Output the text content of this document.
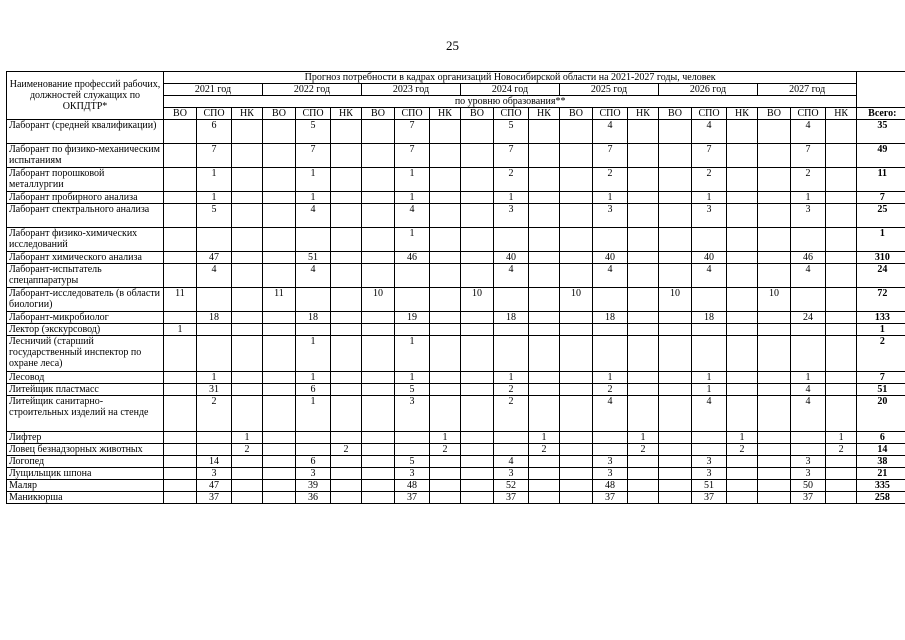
25
Наименование профессий рабочих, должностей служащих по ОКПДТР*	Прогноз потребности в кадрах организаций Новосибирской области на 2021-2027 годы, человек																					
	2021 год			2022 год			2023 год			2024 год			2025 год			2026 год			2027 год			
	по уровню образования**																					
	ВО	СПО	НК	ВО	СПО	НК	ВО	СПО	НК	ВО	СПО	НК	ВО	СПО	НК	ВО	СПО	НК	ВО	СПО	НК	Всего:
Лаборант (средней квалификации)		6			5			7			5			4			4			4		35
Лаборант по физико-механическим испытаниям		7			7			7			7			7			7			7		49
Лаборант порошковой металлургии		1			1			1			2			2			2			2		11
Лаборант пробирного анализа		1			1			1			1			1			1			1		7
Лаборант спектрального анализа		5			4			4			3			3			3			3		25
Лаборант физико-химических исследований								1														1
Лаборант химического анализа		47			51			46			40			40			40			46		310
Лаборант-испытатель спецаппаратуры		4			4						4			4			4			4		24
Лаборант-исследователь (в области биологии)	11			11			10			10			10			10			10			72
Лаборант-микробиолог		18			18			19			18			18			18			24		133
Лектор (экскурсовод)	1																					1
Лесничий (старший государственный инспектор по охране леса)					1			1														2
Лесовод		1			1			1			1			1			1			1		7
Литейщик пластмасс		31			6			5			2			2			1			4		51
Литейщик санитарно-строительных изделий на стенде		2			1			3			2			4			4			4		20
Лифтер			1						1			1			1			1			1	6
Ловец безнадзорных животных			2			2			2			2			2			2			2	14
Логопед		14			6			5			4			3			3			3		38
Лущильщик шпона		3			3			3			3			3			3			3		21
Маляр		47			39			48			52			48			51			50		335
Маникюрша		37			36			37			37			37			37			37		258
